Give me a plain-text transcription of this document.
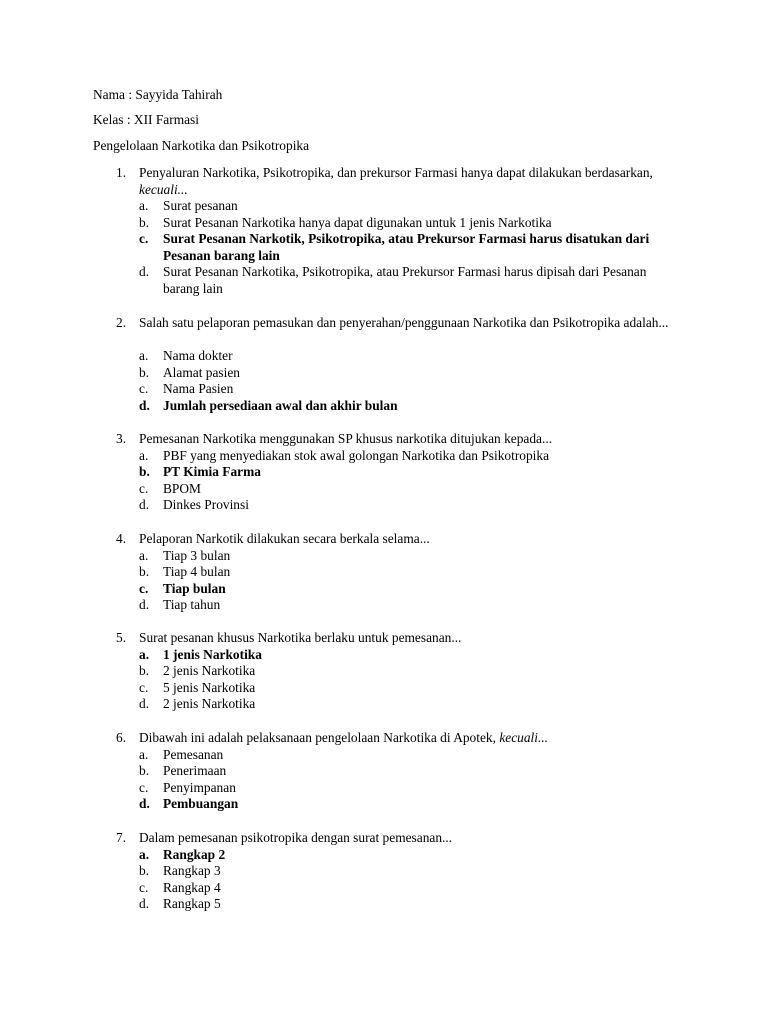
Nama : Sayyida Tahirah
Kelas : XII Farmasi
Pengelolaan Narkotika dan Psikotropika
1. Penyaluran Narkotika, Psikotropika, dan prekursor Farmasi hanya dapat dilakukan berdasarkan, kecuali...
a. Surat pesanan
b. Surat Pesanan Narkotika hanya dapat digunakan untuk 1 jenis Narkotika
c. Surat Pesanan Narkotik, Psikotropika, atau Prekursor Farmasi harus disatukan dari Pesanan barang lain
d. Surat Pesanan Narkotika, Psikotropika, atau Prekursor Farmasi harus dipisah dari Pesanan barang lain
2. Salah satu pelaporan pemasukan dan penyerahan/penggunaan Narkotika dan Psikotropika adalah...
a. Nama dokter
b. Alamat pasien
c. Nama Pasien
d. Jumlah persediaan awal dan akhir bulan
3. Pemesanan Narkotika menggunakan SP khusus narkotika ditujukan kepada...
a. PBF yang menyediakan stok awal golongan Narkotika dan Psikotropika
b. PT Kimia Farma
c. BPOM
d. Dinkes Provinsi
4. Pelaporan Narkotik dilakukan secara berkala selama...
a. Tiap 3 bulan
b. Tiap 4 bulan
c. Tiap bulan
d. Tiap tahun
5. Surat pesanan khusus Narkotika berlaku untuk pemesanan...
a. 1 jenis Narkotika
b. 2 jenis Narkotika
c. 5 jenis Narkotika
d. 2 jenis Narkotika
6. Dibawah ini adalah pelaksanaan pengelolaan Narkotika di Apotek, kecuali...
a. Pemesanan
b. Penerimaan
c. Penyimpanan
d. Pembuangan
7. Dalam pemesanan psikotropika dengan surat pemesanan...
a. Rangkap 2
b. Rangkap 3
c. Rangkap 4
d. Rangkap 5
